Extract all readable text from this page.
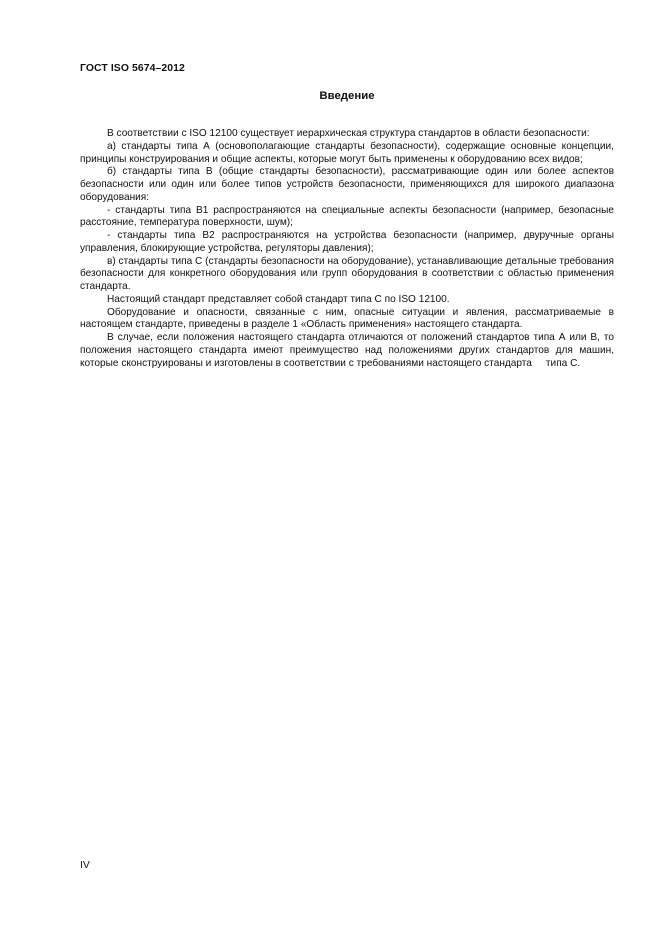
ГОСТ ISO 5674–2012
Введение

В соответствии с ISO 12100 существует иерархическая структура стандартов в области безопасности:

а) стандарты типа А (основополагающие стандарты безопасности), содержащие основные концепции, принципы конструирования и общие аспекты, которые могут быть применены к оборудованию всех видов;

б) стандарты типа В (общие стандарты безопасности), рассматривающие один или более аспектов безопасности или один или более типов устройств безопасности, применяющихся для широкого диапазона оборудования:

- стандарты типа В1 распространяются на специальные аспекты безопасности (например, безопасные расстояние, температура поверхности, шум);

- стандарты типа В2 распространяются на устройства безопасности (например, двуручные органы управления, блокирующие устройства, регуляторы давления);

в) стандарты типа С (стандарты безопасности на оборудование), устанавливающие детальные требования безопасности для конкретного оборудования или групп оборудования в соответствии с областью применения стандарта.

Настоящий стандарт представляет собой стандарт типа С по ISO 12100.

Оборудование и опасности, связанные с ним, опасные ситуации и явления, рассматриваемые в настоящем стандарте, приведены в разделе 1 «Область применения» настоящего стандарта.

В случае, если положения настоящего стандарта отличаются от положений стандартов типа А или В, то положения настоящего стандарта имеют преимущество над положениями других стандартов для машин, которые сконструированы и изготовлены в соответствии с требованиями настоящего стандарта     типа С.

IV
